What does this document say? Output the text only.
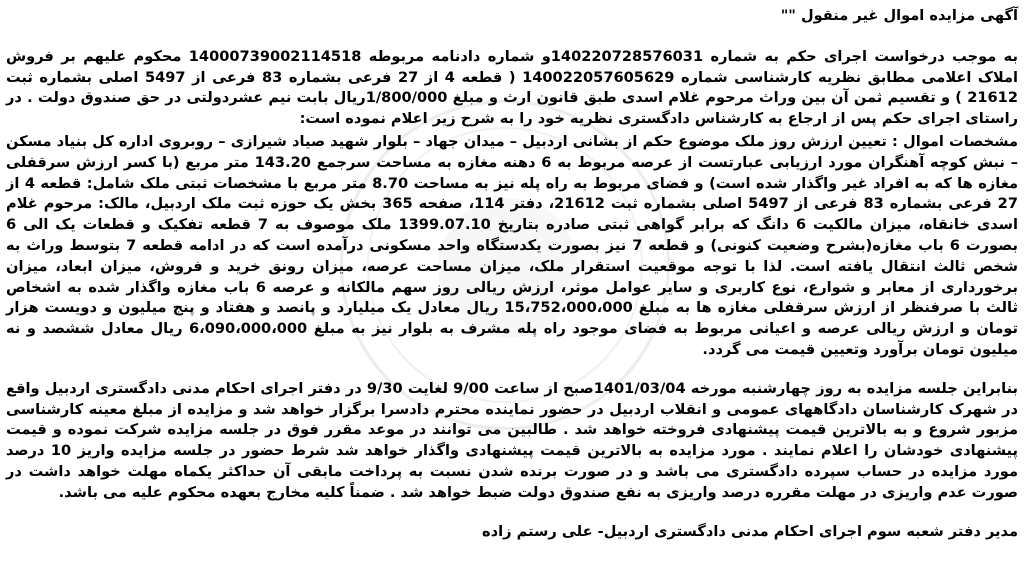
آگهی مزایده اموال غیر منقول ""

به موجب درخواست اجرای حکم به شماره 140220728576031و شماره دادنامه مربوطه 14000739002114518 محکوم علیهم بر فروش املاک اعلامی مطابق نظریه کارشناسی شماره 140022057605629 ( قطعه 4 از 27 فرعی بشماره 83 فرعی از 5497 اصلی بشماره ثبت 21612 ) و تقسیم ثمن آن بین وراث مرحوم غلام اسدی طبق قانون ارث و مبلغ 1/800/000ریال بابت نیم عشردولتی در حق صندوق دولت . در راستای اجرای حکم پس از ارجاع به کارشناس دادگستری نظریه خود را به شرح زیر اعلام نموده است:

مشخصات اموال : تعیین ارزش روز ملک موضوع حکم از بشانی اردبیل – میدان جهاد – بلوار شهید صیاد شیرازی – روبروی اداره کل بنیاد مسکن – نبش کوچه آهنگران مورد ارزیابی عبارتست از عرصه مربوط به 6 دهنه مغازه به مساحت سرجمع 143.20 متر مربع (با کسر ارزش سرقفلی مغازه ها که به افراد غیر واگذار شده است) و فضای مربوط به راه پله نیز به مساحت 8.70 متر مربع با مشخصات ثبتی ملک شامل: قطعه 4 از 27 فرعی بشماره 83 فرعی از 5497 اصلی بشماره ثبت 21612، دفتر 114، صفحه 365 بخش یک حوزه ثبت ملک اردبیل، مالک: مرحوم غلام اسدی خانقاه، میزان مالکیت 6 دانگ که برابر گواهی ثبتی صادره بتاریخ 1399.07.10 ملک موصوف به 7 قطعه تفکیک و قطعات یک الی 6 بصورت 6 باب مغازه(بشرح وضعیت کنونی) و قطعه 7 نیز بصورت یکدستگاه واحد مسکونی درآمده است که در ادامه قطعه 7 بتوسط وراث به شخص ثالث انتقال یافته است. لذا با توجه موقعیت استقرار ملک، میزان مساحت عرصه، میزان رونق خرید و فروش، میزان ابعاد، میزان برخورداری از معابر و شوارع، نوع کاربری و سایر عوامل موثر، ارزش ریالی روز سهم مالکانه و عرصه 6 باب مغازه واگذار شده به اشخاص ثالث با صرفنظر از ارزش سرقفلی مغازه ها به مبلغ 15،752،000،000 ریال معادل یک میلیارد و پانصد و هفتاد و پنج میلیون و دویست هزار تومان و ارزش ریالی عرصه و اعیانی مربوط به فضای موجود راه پله مشرف به بلوار نیز به مبلغ 6،090،000،000 ریال معادل ششصد و نه میلیون تومان برآورد وتعیین قیمت می گردد.

بنابراین جلسه مزایده به روز چهارشنبه مورخه 1401/03/04صبح از ساعت 9/00 لغایت 9/30 در دفتر اجرای احکام مدنی دادگستری اردبیل واقع در شهرک کارشناسان دادگاههای عمومی و انقلاب اردبیل در حضور نماینده محترم دادسرا برگزار خواهد شد و مزایده از مبلغ معینه کارشناسی مزبور شروع و به بالاترین قیمت پیشنهادی فروخته خواهد شد . طالبین می توانند در موعد مقرر فوق در جلسه مزایده شرکت نموده و قیمت پیشنهادی خودشان را اعلام نمایند . مورد مزایده به بالاترین قیمت پیشنهادی واگذار خواهد شد شرط حضور در جلسه مزایده واریز 10 درصد مورد مزایده در حساب سپرده دادگستری می باشد و در صورت برنده شدن نسبت به پرداخت مابقی آن حداکثر یکماه مهلت خواهد داشت در صورت عدم واریزی در مهلت مقرره درصد واریزی به نفع صندوق دولت ضبط خواهد شد . ضمناً کلیه مخارج بعهده محکوم علیه می باشد.

مدیر دفتر شعبه سوم اجرای احکام مدنی دادگستری اردبیل- علی رستم زاده
